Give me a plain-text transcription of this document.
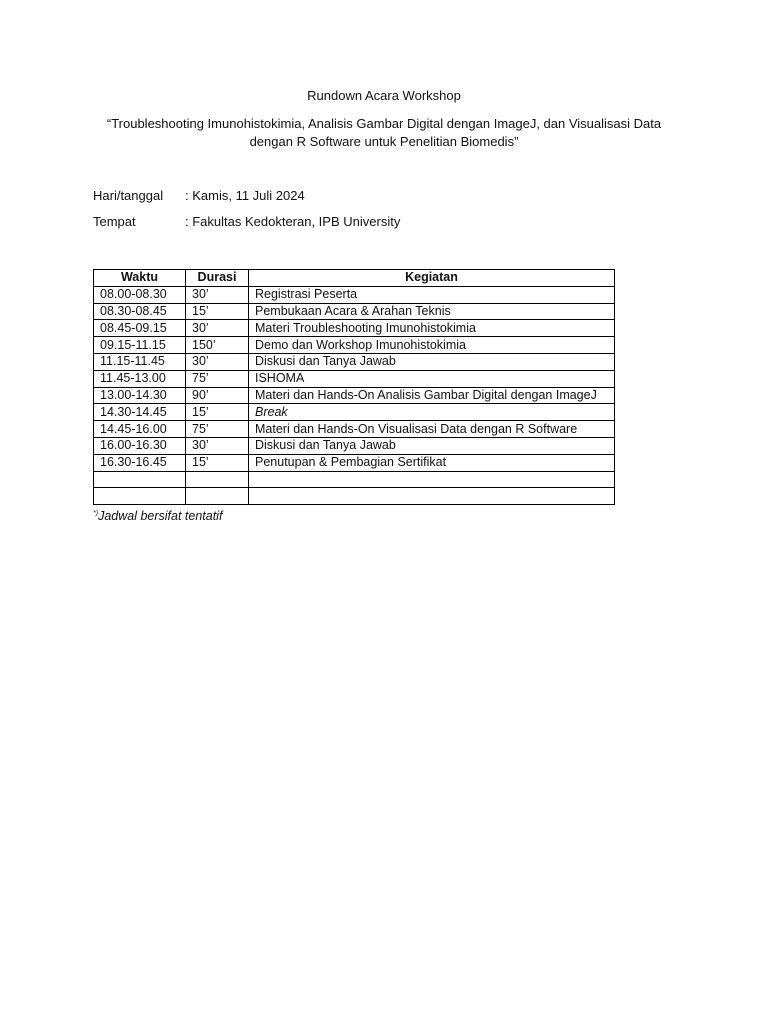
Rundown Acara Workshop
“Troubleshooting Imunohistokimia, Analisis Gambar Digital dengan ImageJ, dan Visualisasi Data
dengan R Software untuk Penelitian Biomedis”
Hari/tanggal : Kamis, 11 Juli 2024
Tempat	: Fakultas Kedokteran, IPB University
Waktu	Durasi	Kegiatan
08.00-08.30	30’	Registrasi Peserta
08.30-08.45	15’	Pembukaan Acara & Arahan Teknis
08.45-09.15	30’	Materi Troubleshooting Imunohistokimia
09.15-11.15	150’	Demo dan Workshop Imunohistokimia
11.15-11.45	30’	Diskusi dan Tanya Jawab
11.45-13.00	75’	ISHOMA
13.00-14.30	90’	Materi dan Hands-On Analisis Gambar Digital dengan ImageJ
14.30-14.45	15’	Break
14.45-16.00	75’	Materi dan Hands-On Visualisasi Data dengan R Software
16.00-16.30	30’	Diskusi dan Tanya Jawab
16.30-16.45	15’	Penutupan & Pembagian Sertifikat

*)Jadwal bersifat tentatif
